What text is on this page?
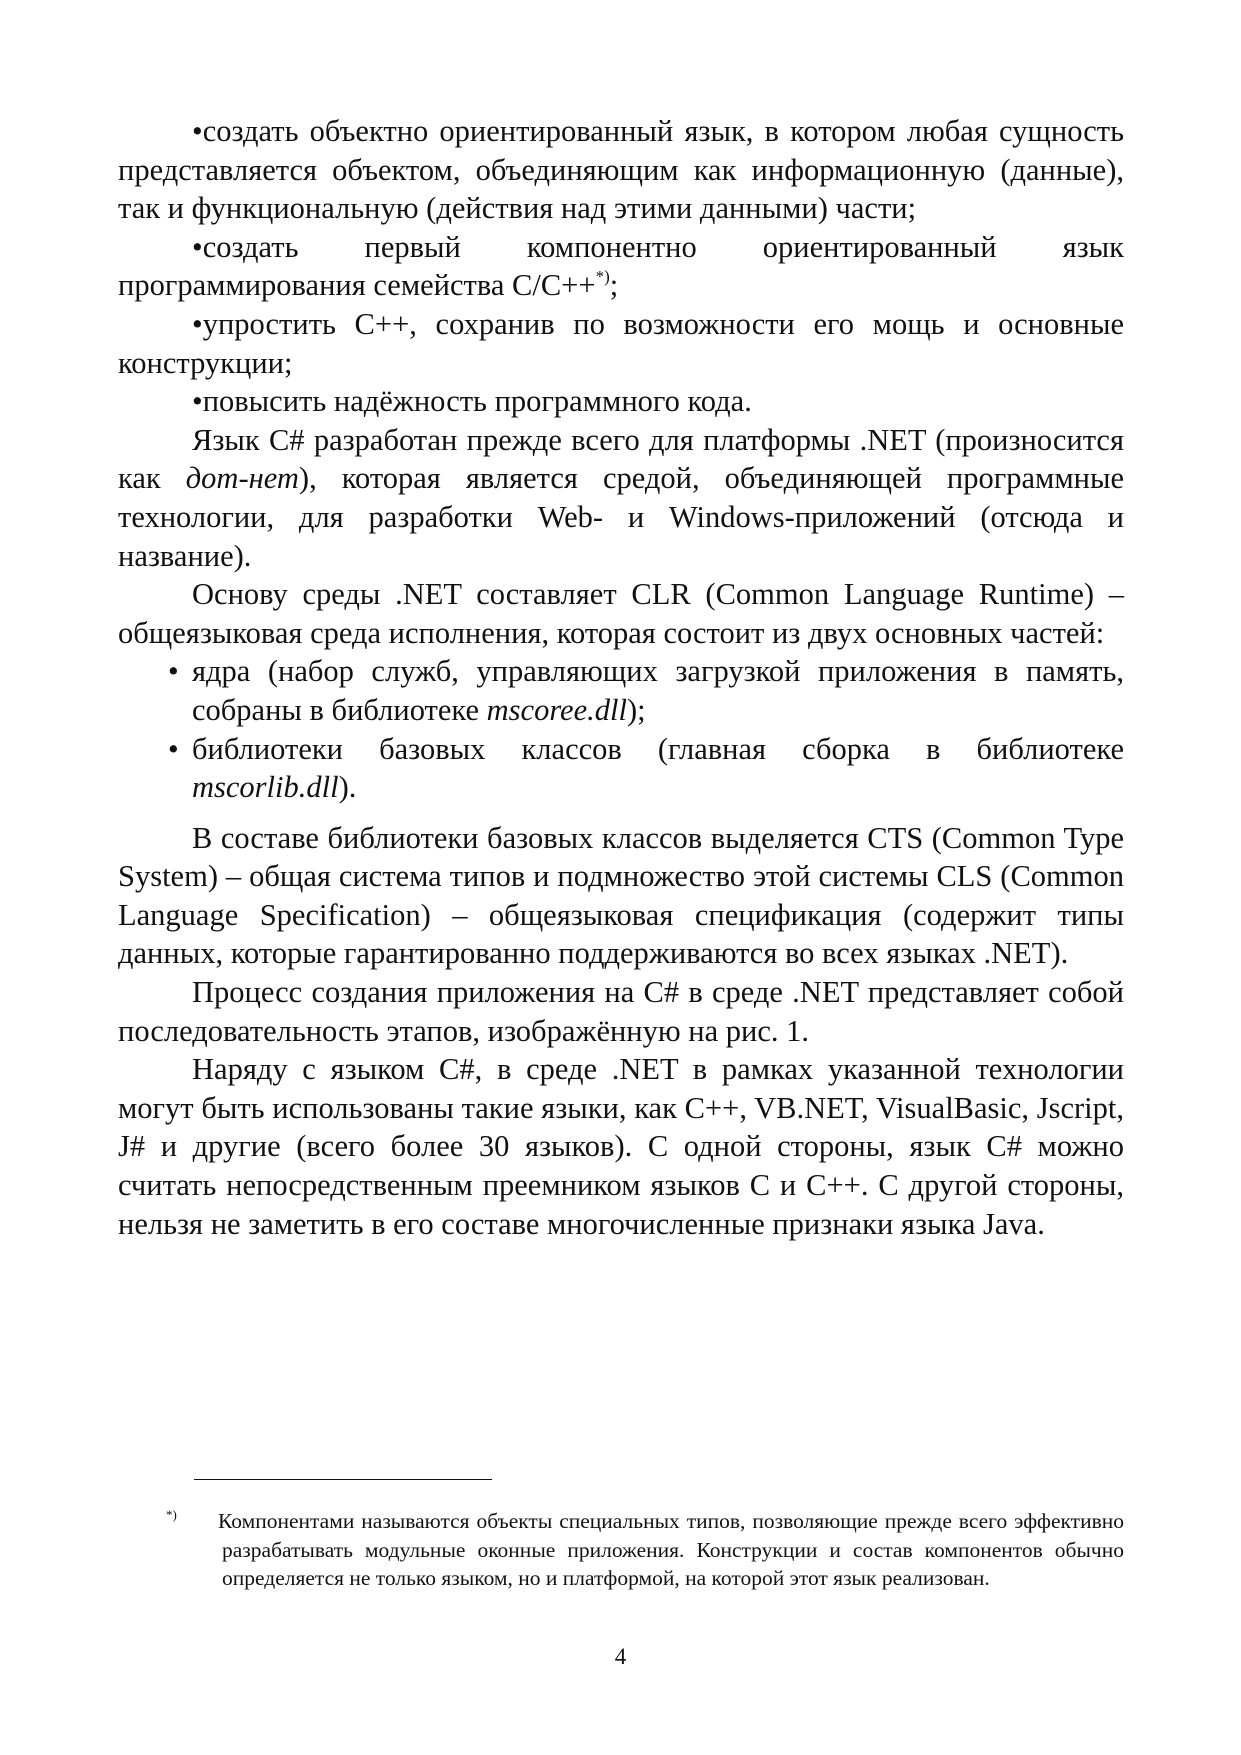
•создать объектно ориентированный язык, в котором любая сущность представляется объектом, объединяющим как информационную (данные), так и функциональную (действия над этими данными) части;

•создать первый компонентно ориентированный язык программирования семейства C/C++*);

•упростить C++, сохранив по возможности его мощь и основные конструкции;

•повысить надёжность программного кода.

Язык C# разработан прежде всего для платформы .NET (произносится как дот-нет), которая является средой, объединяющей программные технологии, для разработки Web- и Windows-приложений (отсюда и название).

Основу среды .NET составляет CLR (Common Language Runtime) – общеязыковая среда исполнения, которая состоит из двух основных частей:

• ядра (набор служб, управляющих загрузкой приложения в память, собраны в библиотеке mscoree.dll);
• библиотеки базовых классов (главная сборка в библиотеке mscorlib.dll).

В составе библиотеки базовых классов выделяется CTS (Common Type System) – общая система типов и подмножество этой системы CLS (Common Language Specification) – общеязыковая спецификация (содержит типы данных, которые гарантированно поддерживаются во всех языках .NET).

Процесс создания приложения на C# в среде .NET представляет собой последовательность этапов, изображённую на рис. 1.

Наряду с языком C#, в среде .NET в рамках указанной технологии могут быть использованы такие языки, как C++, VB.NET, VisualBasic, Jscript, J# и другие (всего более 30 языков). С одной стороны, язык C# можно считать непосредственным преемником языков С и С++. С другой стороны, нельзя не заметить в его составе многочисленные признаки языка Java.

*) Компонентами называются объекты специальных типов, позволяющие прежде всего эффективно разрабатывать модульные оконные приложения. Конструкции и состав компонентов обычно определяется не только языком, но и платформой, на которой этот язык реализован.

4
